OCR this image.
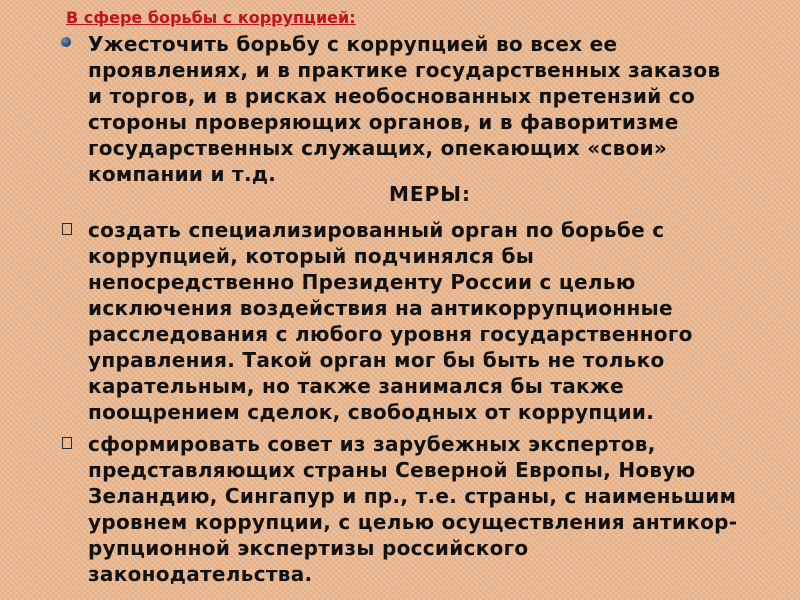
В сфере борьбы с коррупцией:
Ужесточить борьбу с коррупцией во всех ее
проявлениях, и в практике государственных заказов
и торгов, и в рисках необоснованных претензий со
стороны проверяющих органов, и в фаворитизме
государственных служащих, опекающих «свои»
компании и т.д.
МЕРЫ:
создать специализированный орган по борьбе с
коррупцией, который подчинялся бы
непосредственно Президенту России с целью
исключения воздействия на антикоррупционные
расследования с любого уровня государственного
управления. Такой орган мог бы быть не только
карательным, но также занимался бы также
поощрением сделок, свободных от коррупции.
сформировать совет из зарубежных экспертов,
представляющих страны Северной Европы, Новую
Зеландию, Сингапур и пр., т.е. страны, с наименьшим
уровнем коррупции, с целью осуществления антикор-
рупционной экспертизы российского
законодательства.
